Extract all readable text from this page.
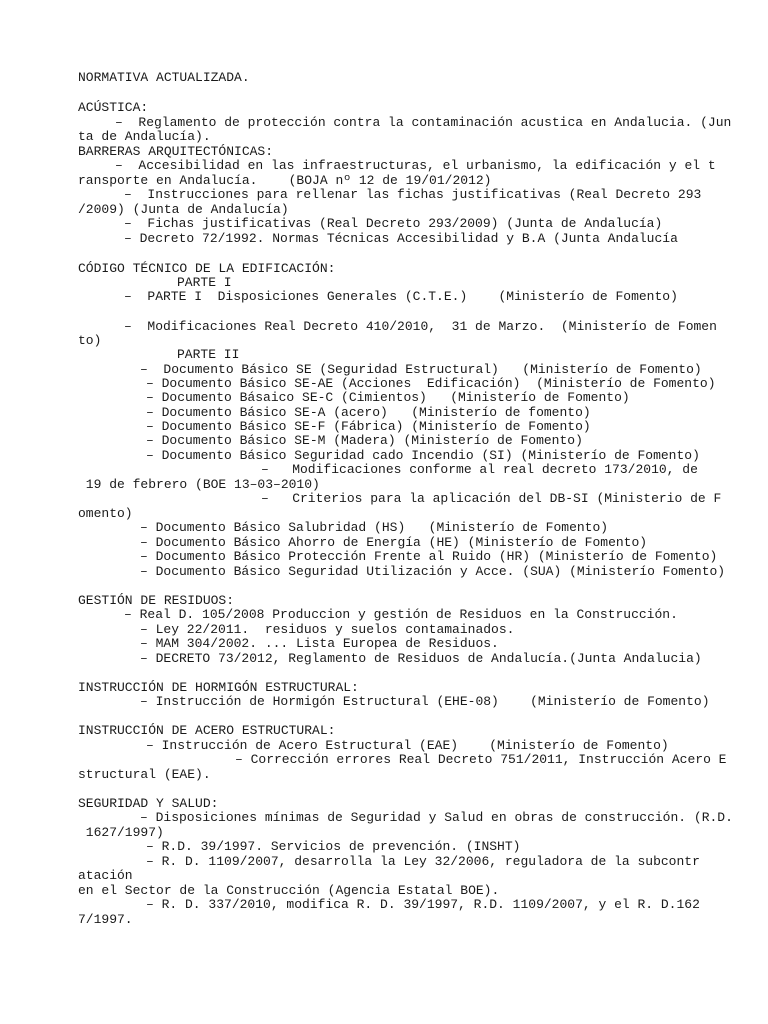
NORMATIVA ACTUALIZADA.
ACÚSTICA:
–  Reglamento de protección contra la contaminación acustica en Andalucia. (Jun
ta de Andalucía).
BARRERAS ARQUITECTÓNICAS:
–  Accesibilidad en las infraestructuras, el urbanismo, la edificación y el t
ransporte en Andalucía.    (BOJA nº 12 de 19/01/2012)
–  Instrucciones para rellenar las fichas justificativas (Real Decreto 293
/2009) (Junta de Andalucía)
–  Fichas justificativas (Real Decreto 293/2009) (Junta de Andalucía)
– Decreto 72/1992. Normas Técnicas Accesibilidad y B.A (Junta Andalucía
CÓDIGO TÉCNICO DE LA EDIFICACIÓN:
PARTE I
–  PARTE I  Disposiciones Generales (C.T.E.)    (Ministerío de Fomento)
–  Modificaciones Real Decreto 410/2010,  31 de Marzo.  (Ministerío de Fomen
to)
PARTE II
–  Documento Básico SE (Seguridad Estructural)   (Ministerío de Fomento)
– Documento Básico SE-AE (Acciones  Edificación)  (Ministerío de Fomento)
– Documento Básaico SE-C (Cimientos)   (Ministerío de Fomento)
– Documento Básico SE-A (acero)   (Ministerío de fomento)
– Documento Básico SE-F (Fábrica) (Ministerío de Fomento)
– Documento Básico SE-M (Madera) (Ministerío de Fomento)
– Documento Básico Seguridad cado Incendio (SI) (Ministerío de Fomento)
–   Modificaciones conforme al real decreto 173/2010, de
19 de febrero (BOE 13–03–2010)
–   Criterios para la aplicación del DB-SI (Ministerio de F
omento)
– Documento Básico Salubridad (HS)   (Ministerío de Fomento)
– Documento Básico Ahorro de Energía (HE) (Ministerío de Fomento)
– Documento Básico Protección Frente al Ruido (HR) (Ministerío de Fomento)
– Documento Básico Seguridad Utilización y Acce. (SUA) (Ministerío Fomento)
GESTIÓN DE RESIDUOS:
– Real D. 105/2008 Produccion y gestión de Residuos en la Construcción.
– Ley 22/2011.  residuos y suelos contamainados.
– MAM 304/2002. ... Lista Europea de Residuos.
– DECRETO 73/2012, Reglamento de Residuos de Andalucía.(Junta Andalucia)
INSTRUCCIÓN DE HORMIGÓN ESTRUCTURAL:
– Instrucción de Hormigón Estructural (EHE-08)    (Ministerío de Fomento)
INSTRUCCIÓN DE ACERO ESTRUCTURAL:
– Instrucción de Acero Estructural (EAE)    (Ministerío de Fomento)
– Corrección errores Real Decreto 751/2011, Instrucción Acero E
structural (EAE).
SEGURIDAD Y SALUD:
– Disposiciones mínimas de Seguridad y Salud en obras de construcción. (R.D.
1627/1997)
– R.D. 39/1997. Servicios de prevención. (INSHT)
– R. D. 1109/2007, desarrolla la Ley 32/2006, reguladora de la subcontr
atación
en el Sector de la Construcción (Agencia Estatal BOE).
– R. D. 337/2010, modifica R. D. 39/1997, R.D. 1109/2007, y el R. D.162
7/1997.
